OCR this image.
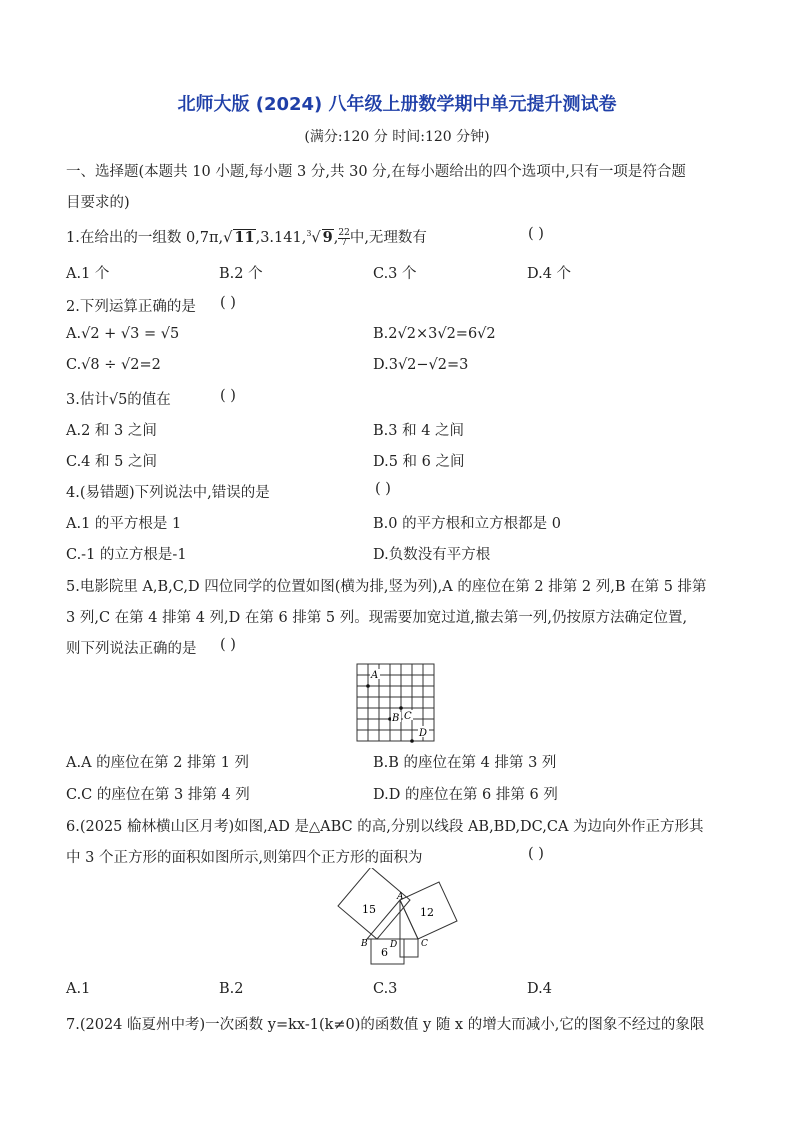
北师大版 (2024) 八年级上册数学期中单元提升测试卷
(满分:120 分 时间:120 分钟)
一、选择题(本题共 10 小题,每小题 3 分,共 30 分,在每小题给出的四个选项中,只有一项是符合题
目要求的)
1.在给出的一组数 0,7π,√ 11,3.141,$^3$√ 9, $\frac{22}{7}$ 中,无理数有	( )
A.1 个	B.2 个	C.3 个	D.4 个
2.下列运算正确的是 ( )
A.√2 + √3 = √5	B.2√2×3√2=6√2
C.√8 ÷ √2=2	D.3√2−√2=3
3.估计√5的值在	( )
A.2 和 3 之间	B.3 和 4 之间
C.4 和 5 之间	D.5 和 6 之间
4.(易错题)下列说法中,错误的是	( )
A.1 的平方根是 1	B.0 的平方根和立方根都是 0
C.-1 的立方根是-1	D.负数没有平方根
5.电影院里 A,B,C,D 四位同学的位置如图(横为排,竖为列),A 的座位在第 2 排第 2 列,B 在第 5 排第
3 列,C 在第 4 排第 4 列,D 在第 6 排第 5 列。现需要加宽过道,撤去第一列,仍按原方法确定位置,
则下列说法正确的是 ( )
A
B C
D
A.A 的座位在第 2 排第 1 列	B.B 的座位在第 4 排第 3 列
C.C 的座位在第 3 排第 4 列	D.D 的座位在第 6 排第 6 列
6.(2025 榆林横山区月考)如图,AD 是△ABC 的高,分别以线段 AB,BD,DC,CA 为边向外作正方形其
中 3 个正方形的面积如图所示,则第四个正方形的面积为	( )
15	12
6
A
B D	C
A.1	B.2	C.3	D.4
7.(2024 临夏州中考)一次函数 y=kx-1(k≠0)的函数值 y 随 x 的增大而减小,它的图象不经过的象限
